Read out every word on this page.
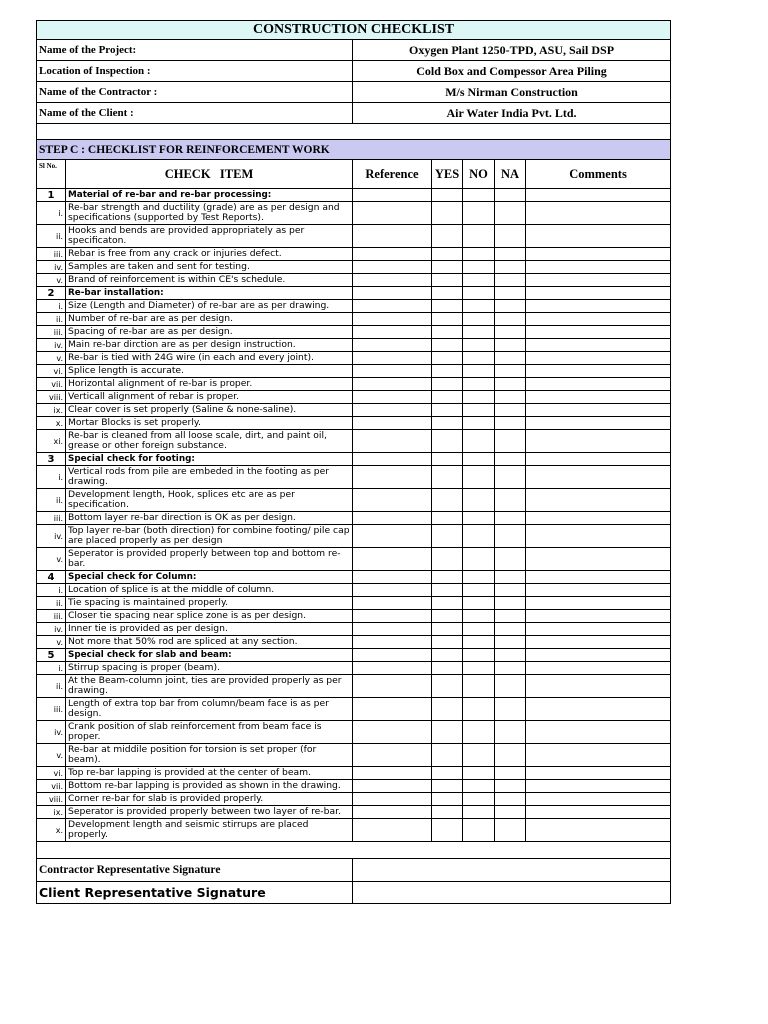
CONSTRUCTION CHECKLIST						
Name of the Project:		Oxygen Plant 1250-TPD, ASU, Sail DSP				
Location of Inspection :		Cold Box and Compessor Area Piling				
Name of the Contractor :		M/s Nirman Construction				
Name of the Client :		Air Water India Pvt. Ltd.				

STEP C : CHECKLIST FOR REINFORCEMENT WORK						
Sl No.	CHECK   ITEM	Reference	YES	NO	NA	Comments
1	Material of re-bar and re-bar processing:					
i.	Re-bar strength and ductility (grade) are as per design and specifications (supported by Test Reports).					
ii.	Hooks and bends are provided appropriately as per specificaton.					
iii.	Rebar is free from any crack or injuries defect.					
iv.	Samples are taken and sent for testing.					
v.	Brand of reinforcement is within CE's schedule.					
2	Re-bar installation:					
i.	Size (Length and Diameter) of re-bar are as per drawing.					
ii.	Number of re-bar are as per design.					
iii.	Spacing of re-bar are as per design.					
iv.	Main re-bar dirction are as per design instruction.					
v.	Re-bar is tied with 24G wire (in each and every joint).					
vi.	Splice length is accurate.					
vii.	Horizontal alignment of re-bar is proper.					
viii.	Verticall alignment of rebar is proper.					
ix.	Clear cover is set properly (Saline & none-saline).					
x.	Mortar Blocks is set properly.					
xi.	Re-bar is cleaned from all loose scale, dirt, and paint oil, grease or other foreign substance.					
3	Special check for footing:					
i.	Vertical rods from pile are embeded in the footing as per drawing.					
ii.	Development length, Hook, splices etc are as per specification.					
iii.	Bottom layer re-bar direction is OK as per design.					
iv.	Top layer re-bar (both direction) for combine footing/ pile cap are placed properly as per design					
v.	Seperator is provided properly between top and bottom re-bar.					
4	Special check for Column:					
i.	Location of splice is at the middle of column.					
ii.	Tie spacing is maintained properly.					
iii.	Closer tie spacing near splice zone is as per design.					
iv.	Inner tie is provided as per design.					
v.	Not more that 50% rod are spliced at any section.					
5	Special check for slab and beam:					
i.	Stirrup spacing is proper (beam).					
ii.	At the Beam-column joint, ties are provided properly as per drawing.					
iii.	Length of extra top bar from column/beam face is as per design.					
iv.	Crank position of slab reinforcement from beam face is proper.					
v.	Re-bar at middile position for torsion is set proper (for beam).					
vi.	Top re-bar lapping is provided at the center of beam.					
vii.	Bottom re-bar lapping is provided as shown in the drawing.					
viii.	Corner re-bar for slab is provided properly.					
ix.	Seperator is provided properly between two layer of re-bar.					
x.	Development length and seismic stirrups are placed properly.					

Contractor Representative Signature						
Client Representative Signature						
